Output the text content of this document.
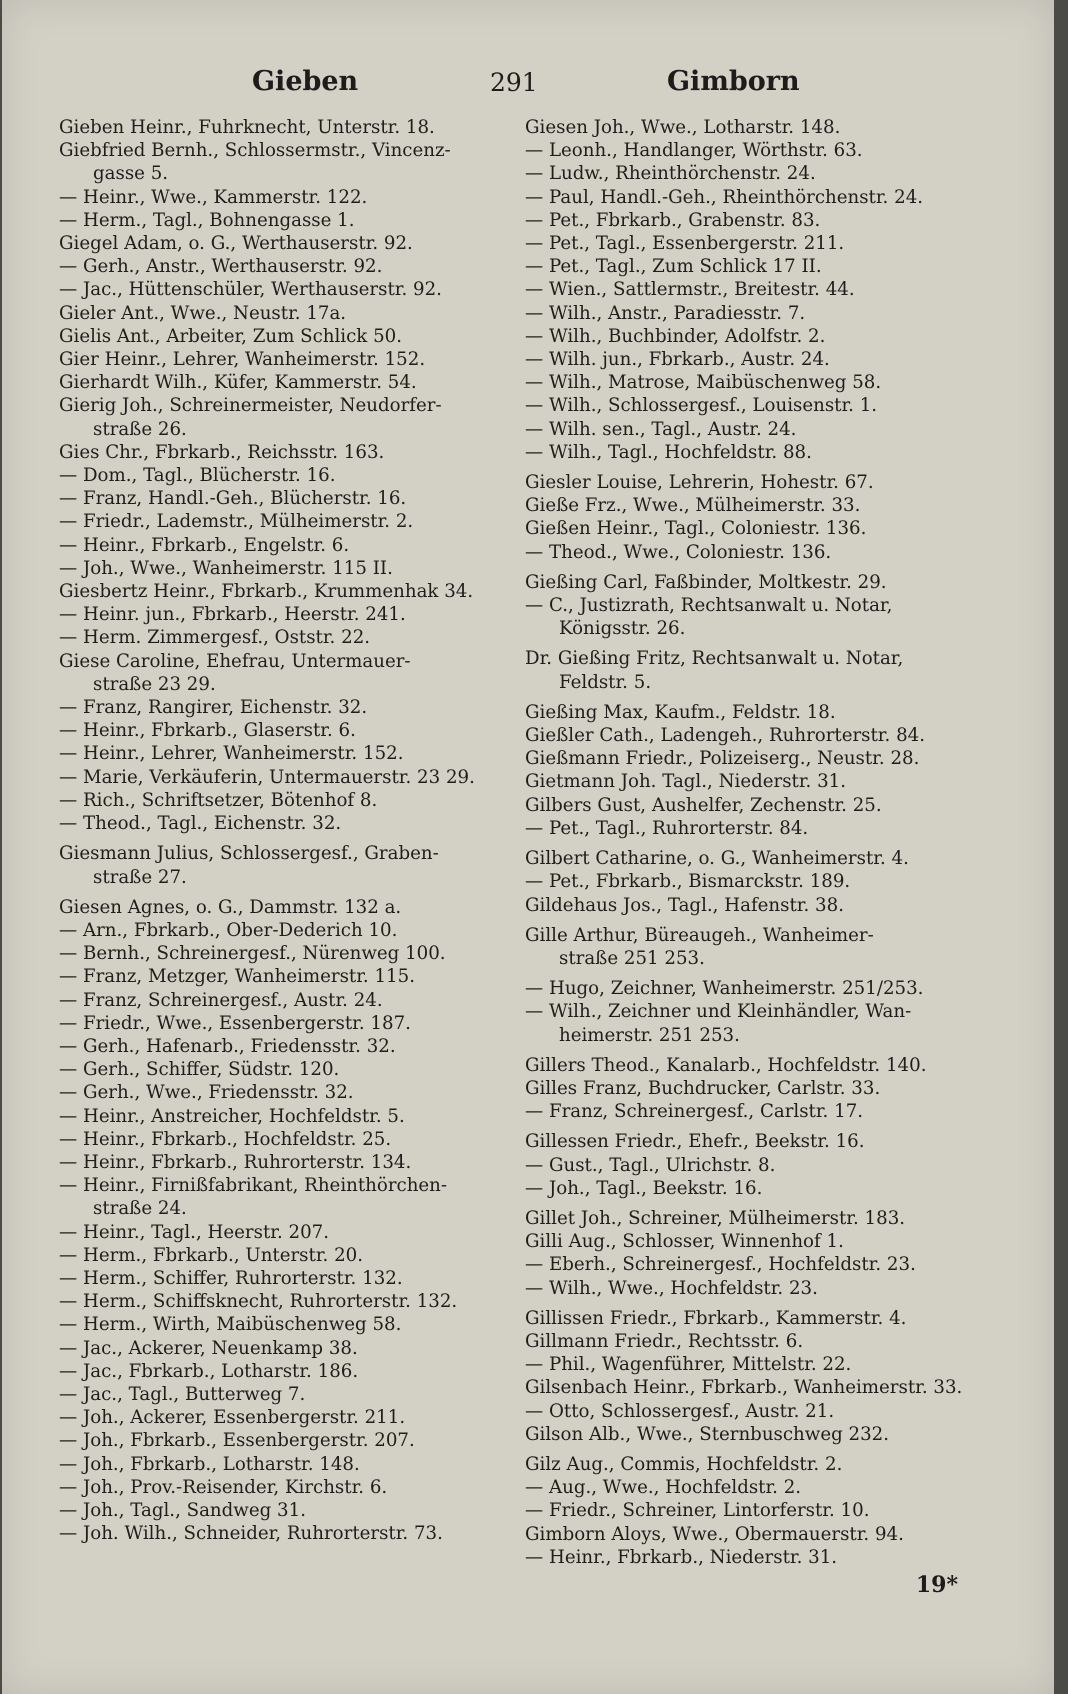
Gieben	291	Gimborn
Gieben Heinr., Fuhrknecht, Unterstr. 18.
Giebfried Bernh., Schlossermstr., Vincenz-
gasse 5.
— Heinr., Wwe., Kammerstr. 122.
— Herm., Tagl., Bohnengasse 1.
Giegel Adam, o. G., Werthauserstr. 92.
— Gerh., Anstr., Werthauserstr. 92.
— Jac., Hüttenschüler, Werthauserstr. 92.
Gieler Ant., Wwe., Neustr. 17a.
Gielis Ant., Arbeiter, Zum Schlick 50.
Gier Heinr., Lehrer, Wanheimerstr. 152.
Gierhardt Wilh., Küfer, Kammerstr. 54.
Gierig Joh., Schreinermeister, Neudorfer-
straße 26.
Gies Chr., Fbrkarb., Reichsstr. 163.
— Dom., Tagl., Blücherstr. 16.
— Franz, Handl.-Geh., Blücherstr. 16.
— Friedr., Lademstr., Mülheimerstr. 2.
— Heinr., Fbrkarb., Engelstr. 6.
— Joh., Wwe., Wanheimerstr. 115 II.
Giesbertz Heinr., Fbrkarb., Krummenhak 34.
— Heinr. jun., Fbrkarb., Heerstr. 241.
— Herm. Zimmergesf., Oststr. 22.
Giese Caroline, Ehefrau, Untermauer-
straße 23 29.
— Franz, Rangirer, Eichenstr. 32.
— Heinr., Fbrkarb., Glaserstr. 6.
— Heinr., Lehrer, Wanheimerstr. 152.
— Marie, Verkäuferin, Untermauerstr. 23 29.
— Rich., Schriftsetzer, Bötenhof 8.
— Theod., Tagl., Eichenstr. 32.
Giesmann Julius, Schlossergesf., Graben-
straße 27.
Giesen Agnes, o. G., Dammstr. 132 a.
— Arn., Fbrkarb., Ober-Dederich 10.
— Bernh., Schreinergesf., Nürenweg 100.
— Franz, Metzger, Wanheimerstr. 115.
— Franz, Schreinergesf., Austr. 24.
— Friedr., Wwe., Essenbergerstr. 187.
— Gerh., Hafenarb., Friedensstr. 32.
— Gerh., Schiffer, Südstr. 120.
— Gerh., Wwe., Friedensstr. 32.
— Heinr., Anstreicher, Hochfeldstr. 5.
— Heinr., Fbrkarb., Hochfeldstr. 25.
— Heinr., Fbrkarb., Ruhrorterstr. 134.
— Heinr., Firnißfabrikant, Rheinthörchen-
straße 24.
— Heinr., Tagl., Heerstr. 207.
— Herm., Fbrkarb., Unterstr. 20.
— Herm., Schiffer, Ruhrorterstr. 132.
— Herm., Schiffsknecht, Ruhrorterstr. 132.
— Herm., Wirth, Maibüschenweg 58.
— Jac., Ackerer, Neuenkamp 38.
— Jac., Fbrkarb., Lotharstr. 186.
— Jac., Tagl., Butterweg 7.
— Joh., Ackerer, Essenbergerstr. 211.
— Joh., Fbrkarb., Essenbergerstr. 207.
— Joh., Fbrkarb., Lotharstr. 148.
— Joh., Prov.-Reisender, Kirchstr. 6.
— Joh., Tagl., Sandweg 31.
— Joh. Wilh., Schneider, Ruhrorterstr. 73.
Giesen Joh., Wwe., Lotharstr. 148.
— Leonh., Handlanger, Wörthstr. 63.
— Ludw., Rheinthörchenstr. 24.
— Paul, Handl.-Geh., Rheinthörchenstr. 24.
— Pet., Fbrkarb., Grabenstr. 83.
— Pet., Tagl., Essenbergerstr. 211.
— Pet., Tagl., Zum Schlick 17 II.
— Wien., Sattlermstr., Breitestr. 44.
— Wilh., Anstr., Paradiesstr. 7.
— Wilh., Buchbinder, Adolfstr. 2.
— Wilh. jun., Fbrkarb., Austr. 24.
— Wilh., Matrose, Maibüschenweg 58.
— Wilh., Schlossergesf., Louisenstr. 1.
— Wilh. sen., Tagl., Austr. 24.
— Wilh., Tagl., Hochfeldstr. 88.
Giesler Louise, Lehrerin, Hohestr. 67.
Gieße Frz., Wwe., Mülheimerstr. 33.
Gießen Heinr., Tagl., Coloniestr. 136.
— Theod., Wwe., Coloniestr. 136.
Gießing Carl, Faßbinder, Moltkestr. 29.
— C., Justizrath, Rechtsanwalt u. Notar,
Königsstr. 26.
Dr. Gießing Fritz, Rechtsanwalt u. Notar,
Feldstr. 5.
Gießing Max, Kaufm., Feldstr. 18.
Gießler Cath., Ladengeh., Ruhrorterstr. 84.
Gießmann Friedr., Polizeiserg., Neustr. 28.
Gietmann Joh. Tagl., Niederstr. 31.
Gilbers Gust, Aushelfer, Zechenstr. 25.
— Pet., Tagl., Ruhrorterstr. 84.
Gilbert Catharine, o. G., Wanheimerstr. 4.
— Pet., Fbrkarb., Bismarckstr. 189.
Gildehaus Jos., Tagl., Hafenstr. 38.
Gille Arthur, Büreaugeh., Wanheimer-
straße 251 253.
— Hugo, Zeichner, Wanheimerstr. 251/253.
— Wilh., Zeichner und Kleinhändler, Wan-
heimerstr. 251 253.
Gillers Theod., Kanalarb., Hochfeldstr. 140.
Gilles Franz, Buchdrucker, Carlstr. 33.
— Franz, Schreinergesf., Carlstr. 17.
Gillessen Friedr., Ehefr., Beekstr. 16.
— Gust., Tagl., Ulrichstr. 8.
— Joh., Tagl., Beekstr. 16.
Gillet Joh., Schreiner, Mülheimerstr. 183.
Gilli Aug., Schlosser, Winnenhof 1.
— Eberh., Schreinergesf., Hochfeldstr. 23.
— Wilh., Wwe., Hochfeldstr. 23.
Gillissen Friedr., Fbrkarb., Kammerstr. 4.
Gillmann Friedr., Rechtsstr. 6.
— Phil., Wagenführer, Mittelstr. 22.
Gilsenbach Heinr., Fbrkarb., Wanheimerstr. 33.
— Otto, Schlossergesf., Austr. 21.
Gilson Alb., Wwe., Sternbuschweg 232.
Gilz Aug., Commis, Hochfeldstr. 2.
— Aug., Wwe., Hochfeldstr. 2.
— Friedr., Schreiner, Lintorferstr. 10.
Gimborn Aloys, Wwe., Obermauerstr. 94.
— Heinr., Fbrkarb., Niederstr. 31.
19*
